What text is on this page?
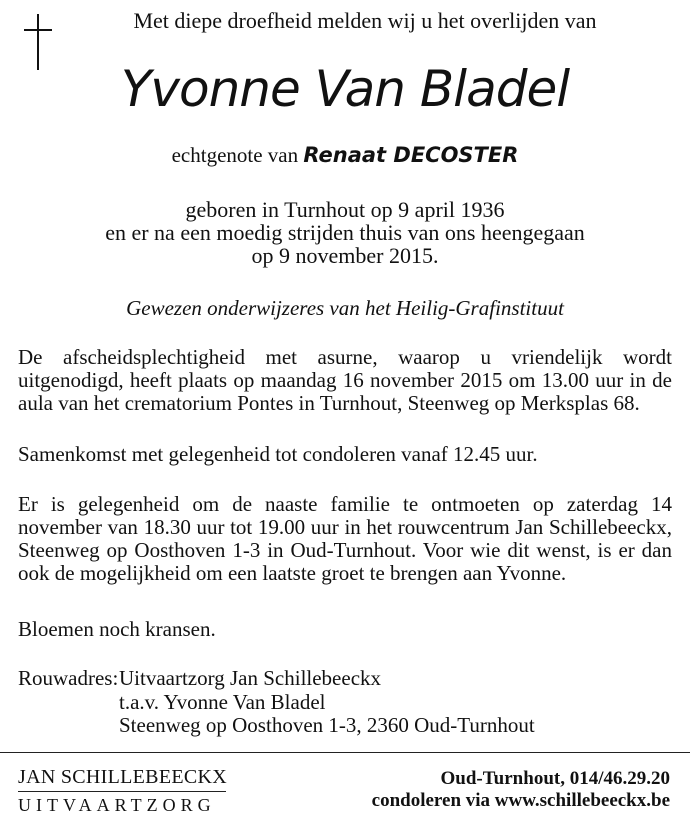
Met diepe droefheid melden wij u het overlijden van
Yvonne Van Bladel
echtgenote van Renaat DECOSTER
geboren in Turnhout op 9 april 1936
en er na een moedig strijden thuis van ons heengegaan
op 9 november 2015.
Gewezen onderwijzeres van het Heilig-Grafinstituut

De afscheidsplechtigheid met asurne, waarop u vriendelijk wordt uitgenodigd, heeft plaats op maandag 16 november 2015 om 13.00 uur in de aula van het crematorium Pontes in Turnhout, Steenweg op Merksplas 68.

Samenkomst met gelegenheid tot condoleren vanaf 12.45 uur.

Er is gelegenheid om de naaste familie te ontmoeten op zaterdag 14 november van 18.30 uur tot 19.00 uur in het rouwcentrum Jan Schillebeeckx, Steenweg op Oosthoven 1-3 in Oud-Turnhout. Voor wie dit wenst, is er dan ook de mogelijkheid om een laatste groet te brengen aan Yvonne.

Bloemen noch kransen.

Rouwadres: Uitvaartzorg Jan Schillebeeckx
t.a.v. Yvonne Van Bladel
Steenweg op Oosthoven 1-3, 2360 Oud-Turnhout
JAN SCHILLEBEECKX
UITVAARTZORG
Oud-Turnhout, 014/46.29.20
condoleren via www.schillebeeckx.be
